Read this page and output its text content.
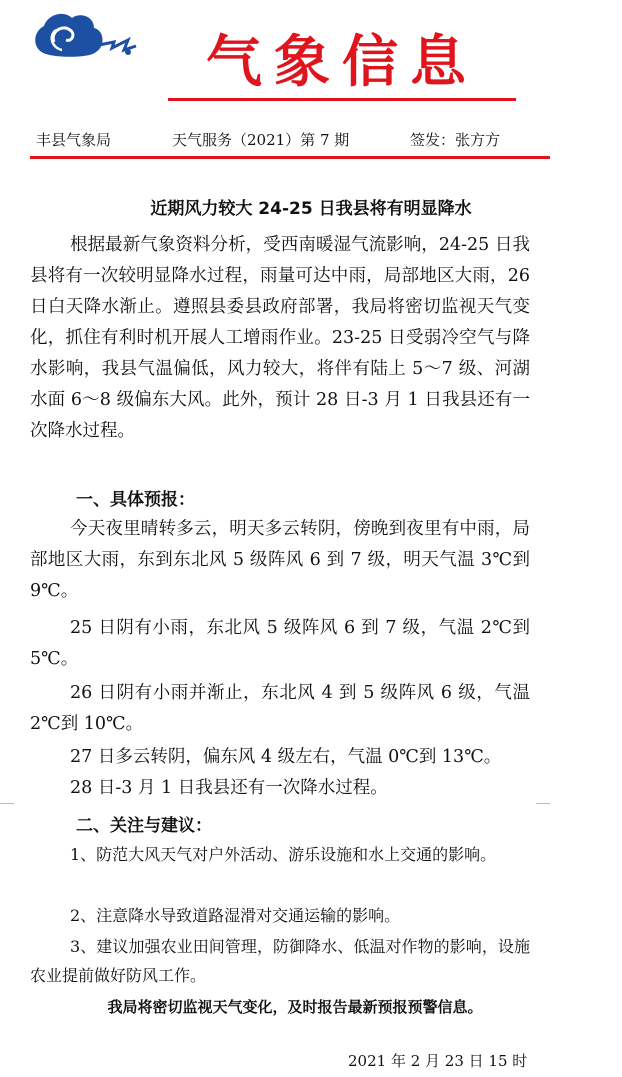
气象信息
丰县气象局	天气服务（2021）第 7 期	签发：张方方
近期风力较大 24-25 日我县将有明显降水

根据最新气象资料分析，受西南暖湿气流影响，24-25 日我县将有一次较明显降水过程，雨量可达中雨，局部地区大雨，26 日白天降水渐止。遵照县委县政府部署，我局将密切监视天气变化，抓住有利时机开展人工增雨作业。23-25 日受弱冷空气与降水影响，我县气温偏低，风力较大，将伴有陆上 5～7 级、河湖水面 6～8 级偏东大风。此外，预计 28 日-3 月 1 日我县还有一次降水过程。

一、具体预报：

今天夜里晴转多云，明天多云转阴，傍晚到夜里有中雨，局部地区大雨，东到东北风 5 级阵风 6 到 7 级，明天气温 3℃到 9℃。

25 日阴有小雨，东北风 5 级阵风 6 到 7 级，气温 2℃到 5℃。

26 日阴有小雨并渐止，东北风 4 到 5 级阵风 6 级，气温 2℃到 10℃。

27 日多云转阴，偏东风 4 级左右，气温 0℃到 13℃。

28 日-3 月 1 日我县还有一次降水过程。

二、关注与建议：

1、防范大风天气对户外活动、游乐设施和水上交通的影响。

2、注意降水导致道路湿滑对交通运输的影响。

3、建议加强农业田间管理，防御降水、低温对作物的影响，设施农业提前做好防风工作。

我局将密切监视天气变化，及时报告最新预报预警信息。
2021 年 2 月 23 日 15 时
